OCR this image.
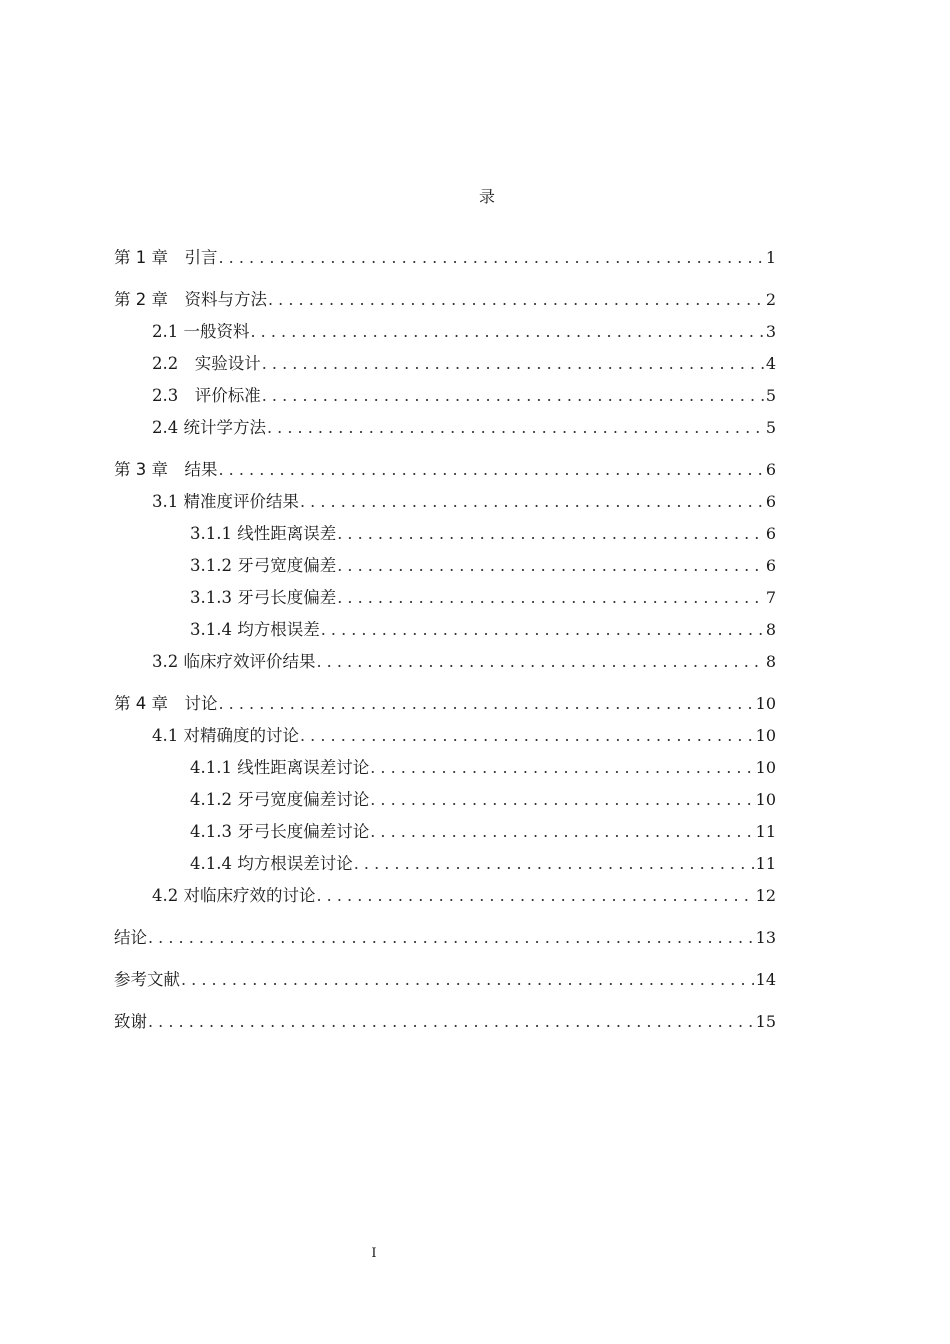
录
第 1 章　引言 . . .	1
第 2 章　资料与方法 . . .	2
2.1 一般资料 . . .	3
2.2　实验设计 . . .	4
2.3　评价标准 . . .	5
2.4 统计学方法 . . .	5
第 3 章　结果 . . .	6
3.1 精准度评价结果 . . .	6
3.1.1 线性距离误差 . . .	6
3.1.2 牙弓宽度偏差 . . .	6
3.1.3 牙弓长度偏差 . . .	7
3.1.4 均方根误差 . . .	8
3.2 临床疗效评价结果 . . .	8
第 4 章　讨论 . . .	10
4.1 对精确度的讨论 . . .	10
4.1.1 线性距离误差讨论 . . .	10
4.1.2 牙弓宽度偏差讨论 . . .	10
4.1.3 牙弓长度偏差讨论 . . .	11
4.1.4 均方根误差讨论 . . .	11
4.2 对临床疗效的讨论 . . .	12
结论 . . .	13
参考文献 . . .	14
致谢 . . .	15
I
